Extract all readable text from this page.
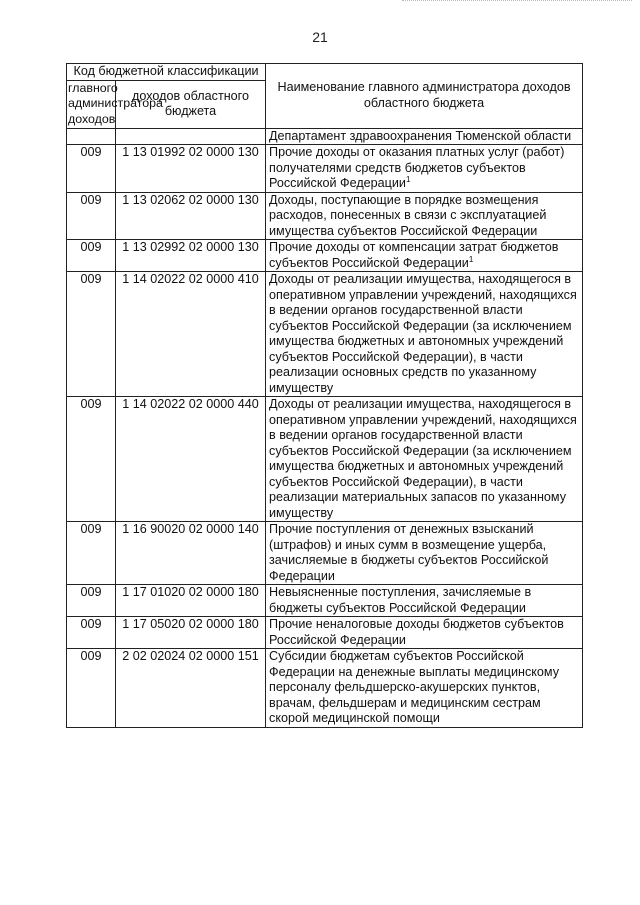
21
Код бюджетной классификации		Наименование главного администратора доходов областного бюджета
главного администратора доходов	доходов областного бюджета	
		Департамент здравоохранения Тюменской области
009	1 13 01992 02 0000 130	Прочие доходы от оказания платных услуг (работ) получателями средств бюджетов субъектов Российской Федерации$^1$
009	1 13 02062 02 0000 130	Доходы, поступающие в порядке возмещения расходов, понесенных в связи с эксплуатацией имущества субъектов Российской Федерации
009	1 13 02992 02 0000 130	Прочие доходы от компенсации затрат бюджетов субъектов Российской Федерации$^1$
009	1 14 02022 02 0000 410	Доходы от реализации имущества, находящегося в оперативном управлении учреждений, находящихся в ведении органов государственной власти субъектов Российской Федерации (за исключением имущества бюджетных и автономных учреждений субъектов Российской Федерации), в части реализации основных средств по указанному имуществу
009	1 14 02022 02 0000 440	Доходы от реализации имущества, находящегося в оперативном управлении учреждений, находящихся в ведении органов государственной власти субъектов Российской Федерации (за исключением имущества бюджетных и автономных учреждений субъектов Российской Федерации), в части реализации материальных запасов по указанному имуществу
009	1 16 90020 02 0000 140	Прочие поступления от денежных взысканий (штрафов) и иных сумм в возмещение ущерба, зачисляемые в бюджеты субъектов Российской Федерации
009	1 17 01020 02 0000 180	Невыясненные поступления, зачисляемые в бюджеты субъектов Российской Федерации
009	1 17 05020 02 0000 180	Прочие неналоговые доходы бюджетов субъектов Российской Федерации
009	2 02 02024 02 0000 151	Субсидии бюджетам субъектов Российской Федерации на денежные выплаты медицинскому персоналу фельдшерско-акушерских пунктов, врачам, фельдшерам и медицинским сестрам скорой медицинской помощи
